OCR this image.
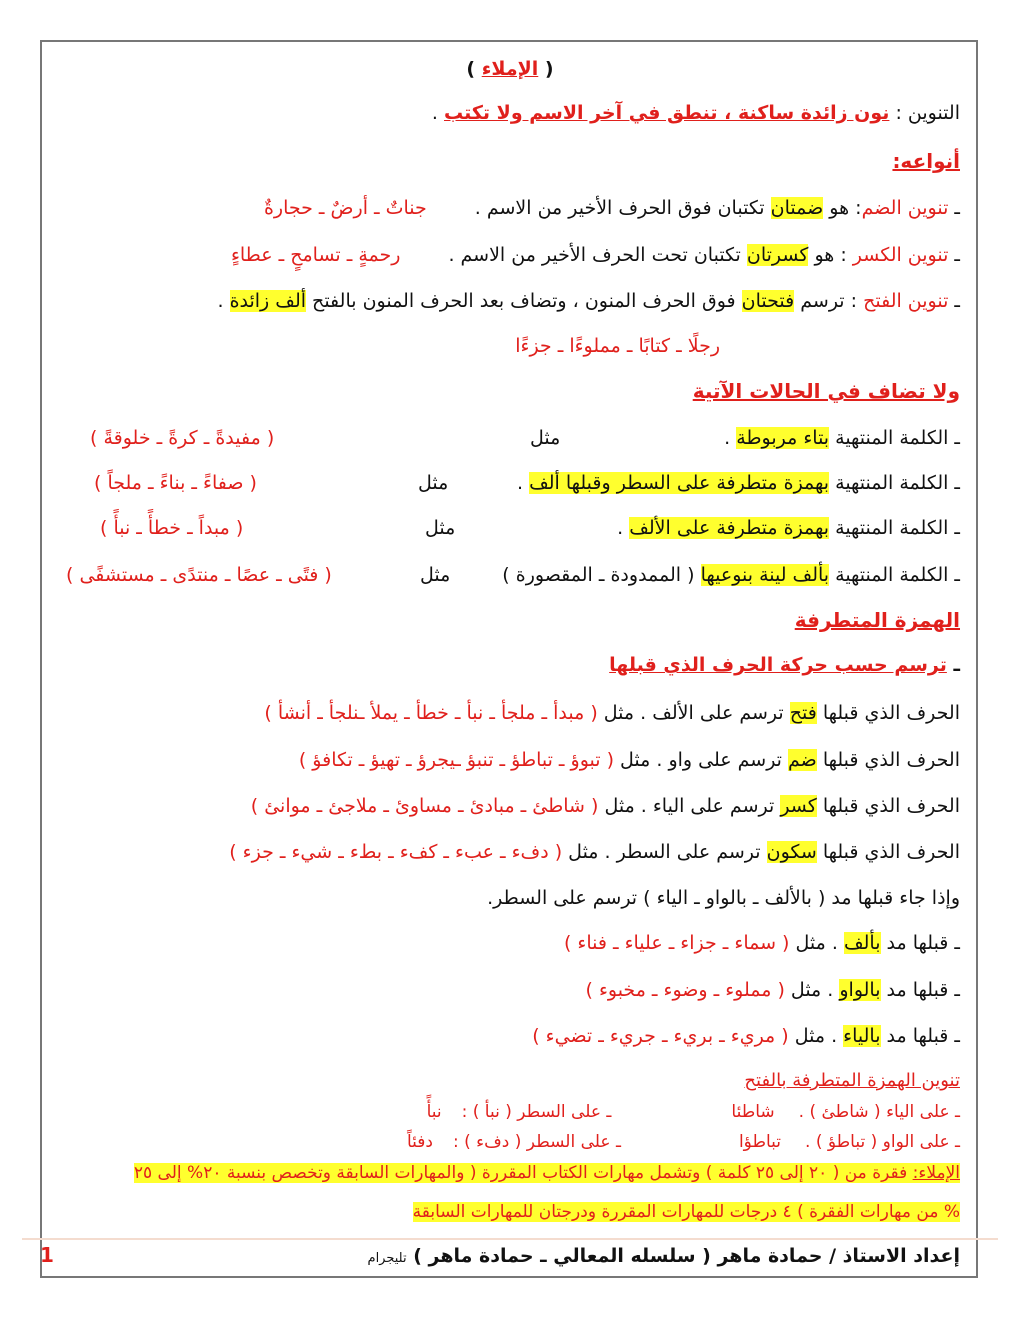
( الإملاء )
التنوين : نون زائدة ساكنة ، تنطق في آخر الاسم ولا تكتب .
أنواعه:
ـ تنوين الضم: هو ضمتان تكتبان فوق الحرف الأخير من الاسم .جناتٌ ـ أرضٌ ـ حجارةٌ
ـ تنوين الكسر : هو كسرتان تكتبان تحت الحرف الأخير من الاسم .رحمةٍ ـ تسامحٍ ـ عطاءٍ
ـ تنوين الفتح : ترسم فتحتان فوق الحرف المنون ، وتضاف بعد الحرف المنون بالفتح ألف زائدة .
رجلًا ـ كتابًا ـ مملوءًا ـ جزءًا
ولا تضاف في الحالات الآتية
ـ الكلمة المنتهية بتاء مربوطة .
مثل
( مفيدةً ـ كرةً ـ خلوقةً )
ـ الكلمة المنتهية بهمزة متطرفة على السطر وقبلها ألف .
مثل
( صفاءً ـ بناءً ـ ملجاً )
ـ الكلمة المنتهية بهمزة متطرفة على الألف .
مثل
( مبداً ـ خطأً ـ نبأً )
ـ الكلمة المنتهية بألف لينة بنوعيها ( الممدودة ـ المقصورة )
مثل
( فتًى ـ عصًا ـ منتدًى ـ مستشفًى )
الهمزة المتطرفة
ـ ترسم حسب حركة الحرف الذي قبلها
الحرف الذي قبلها فتح ترسم على الألف . مثل ( مبدأ ـ ملجأ ـ نبأ ـ خطأ ـ يملأ ـنلجأ ـ أنشأ )
الحرف الذي قبلها ضم ترسم على واو . مثل ( تبوؤ ـ تباطؤ ـ تنبؤ ـيجرؤ ـ تهيؤ ـ تكافؤ )
الحرف الذي قبلها كسر ترسم على الياء . مثل ( شاطئ ـ مبادئ ـ مساوئ ـ ملاجئ ـ موانئ )
الحرف الذي قبلها سكون ترسم على السطر . مثل ( دفء ـ عبء ـ كفء ـ بطء ـ شيء ـ جزء )
وإذا جاء قبلها مد ( بالألف ـ بالواو ـ الياء ) ترسم على السطر.
ـ قبلها مد بألف . مثل ( سماء ـ جزاء ـ علياء ـ فناء )
ـ قبلها مد بالواو . مثل ( مملوء ـ وضوء ـ مخبوء )
ـ قبلها مد بالياء . مثل ( مريء ـ بريء ـ جريء ـ تضيء )
تنوين الهمزة المتطرفة بالفتح
ـ على الياء ( شاطئ ) .شاطئاـ على السطر ( نبأ ) :نبأً
ـ على الواو ( تباطؤ ) .تباطؤاـ على السطر ( دفء ) :دفئاً
الإملاء: فقرة من ( ٢٠ إلى ٢٥ كلمة ) وتشمل مهارات الكتاب المقررة ( والمهارات السابقة وتخصص بنسبة ٢٠% إلى ٢٥
% من مهارات الفقرة ) ٤ درجات للمهارات المقررة ودرجتان للمهارات السابقة
إعداد الاستاذ / حمادة ماهر ( سلسله المعالي ـ حمادة ماهر ) تليجرام
1
